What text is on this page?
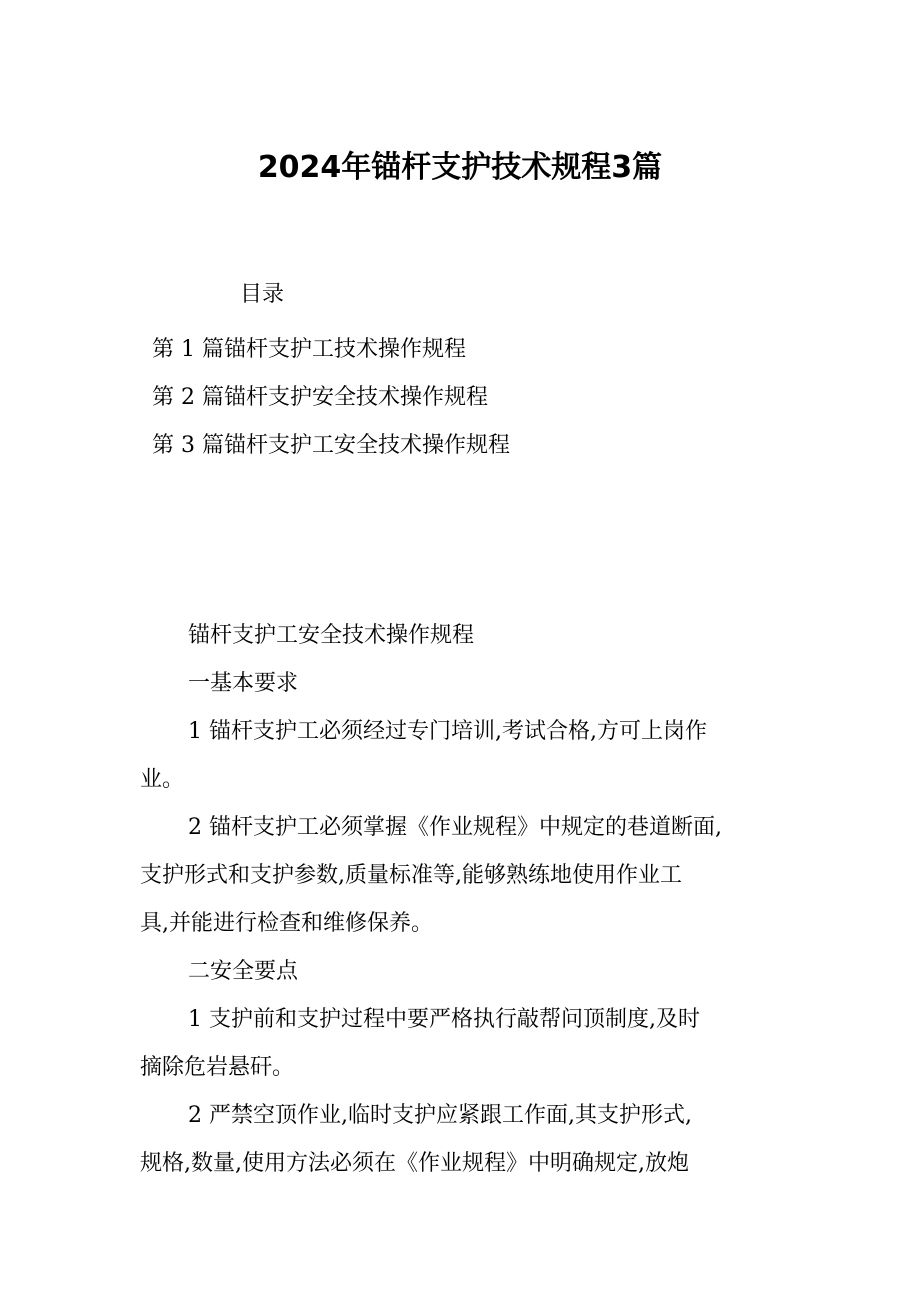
2024年锚杆支护技术规程3篇
目录
第 1 篇锚杆支护工技术操作规程
第 2 篇锚杆支护安全技术操作规程
第 3 篇锚杆支护工安全技术操作规程

锚杆支护工安全技术操作规程

一基本要求

1 锚杆支护工必须经过专门培训,考试合格,方可上岗作

业。

2 锚杆支护工必须掌握《作业规程》中规定的巷道断面,

支护形式和支护参数,质量标准等,能够熟练地使用作业工

具,并能进行检查和维修保养。

二安全要点

1 支护前和支护过程中要严格执行敲帮问顶制度,及时

摘除危岩悬矸。

2 严禁空顶作业,临时支护应紧跟工作面,其支护形式,

规格,数量,使用方法必须在《作业规程》中明确规定,放炮
